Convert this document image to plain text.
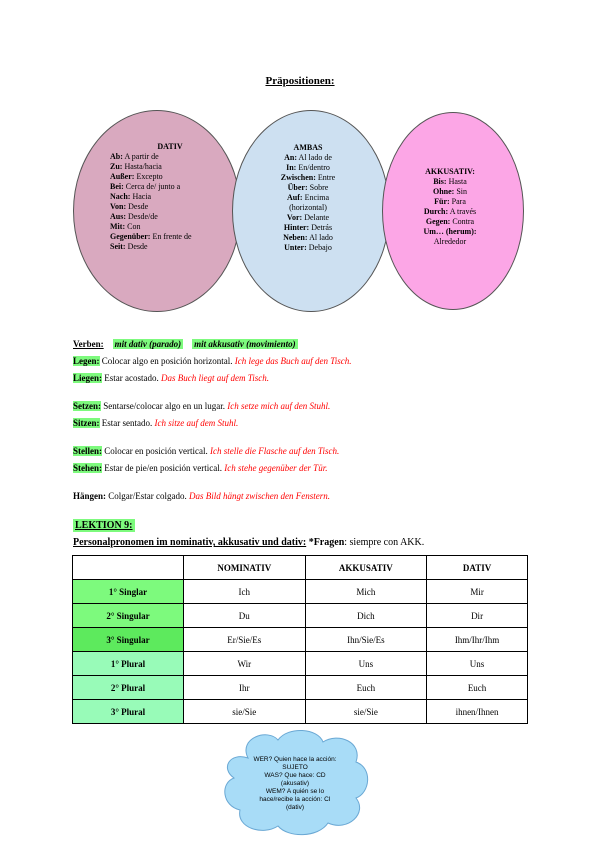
Präpositionen:
DATIV
Ab: A partir de
Zu: Hasta/hacia
Außer: Excepto
Bei: Cerca de/ junto a
Nach: Hacia
Von: Desde
Aus: Desde/de
Mit: Con
Gegenüber: En frente de
Seit: Desde
AMBAS
An: Al lado de
In: En/dentro
Zwischen: Entre
Über: Sobre
Auf: Encima
(horizontal)
Vor: Delante
Hinter: Detrás
Neben: Al lado
Unter: Debajo
AKKUSATIV:
Bis: Hasta
Ohne: Sin
Für: Para
Durch: A través
Gegen: Contra
Um… (herum):
Alrededor
Verben: mit dativ (parado) mit akkusativ (movimiento)
Legen: Colocar algo en posición horizontal. Ich lege das Buch auf den Tisch.
Liegen: Estar acostado. Das Buch liegt auf dem Tisch.
Setzen: Sentarse/colocar algo en un lugar. Ich setze mich auf den Stuhl.
Sitzen: Estar sentado. Ich sitze auf dem Stuhl.
Stellen: Colocar en posición vertical. Ich stelle die Flasche auf den Tisch.
Stehen: Estar de pie/en posición vertical. Ich stehe gegenüber der Tür.
Hängen: Colgar/Estar colgado. Das Bild hängt zwischen den Fenstern.
LEKTION 9:
Personalpronomen im nominativ, akkusativ und dativ: *Fragen: siempre con AKK.
	NOMINATIV	AKKUSATIV	DATIV
1° Singlar	Ich	Mich	Mir
2° Singular	Du	Dich	Dir
3° Singular	Er/Sie/Es	Ihn/Sie/Es	Ihm/Ihr/Ihm
1° Plural	Wir	Uns	Uns
2° Plural	Ihr	Euch	Euch
3° Plural	sie/Sie	sie/Sie	ihnen/Ihnen
WER? Quien hace la acción:
SUJETO
WAS? Que hace: CD
(akusativ)
WEM? A quién se lo
hace/recibe la acción: CI
(dativ)
